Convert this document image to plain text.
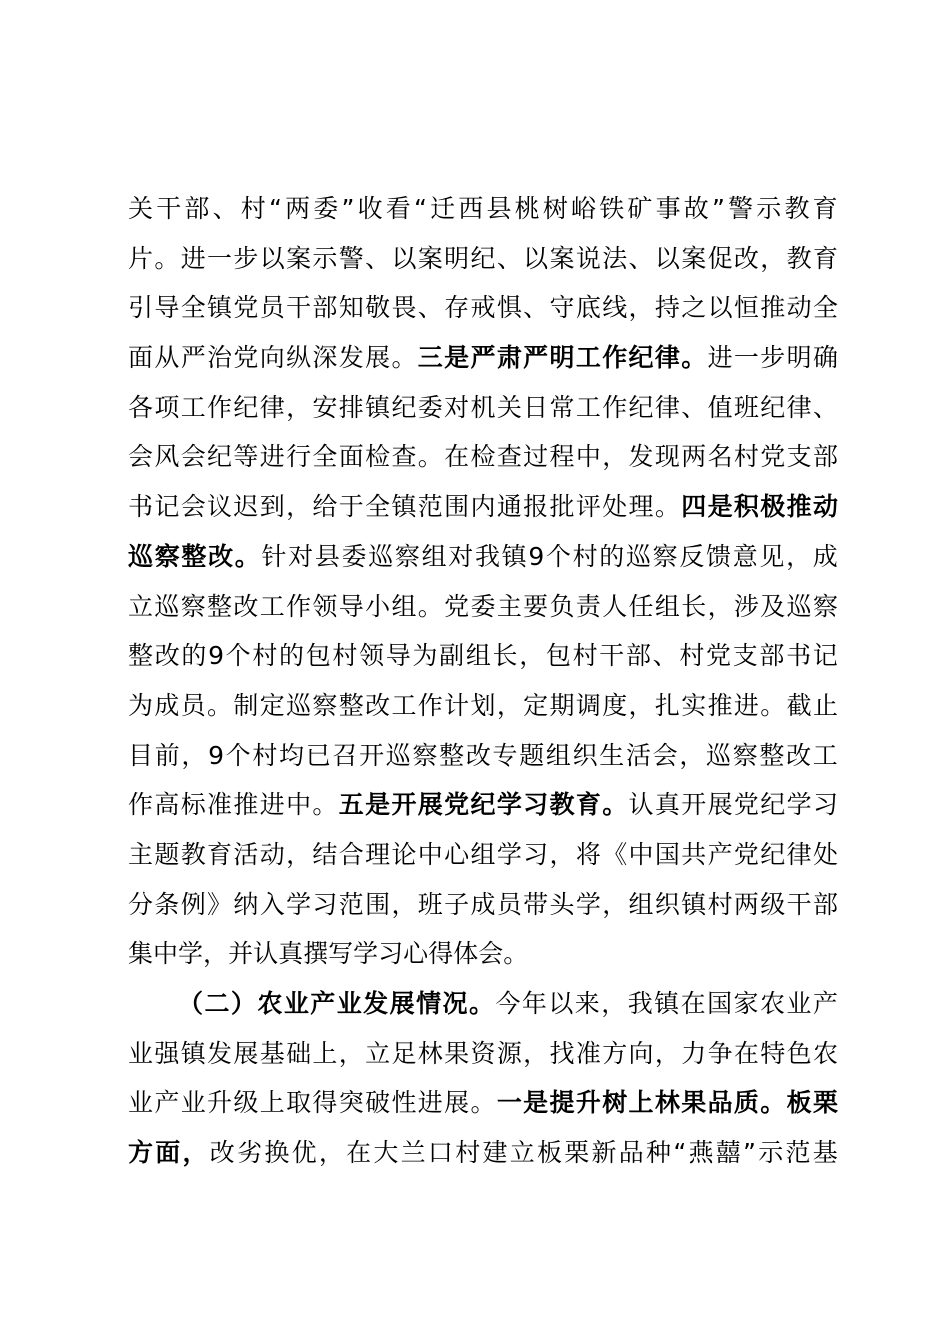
关 干 部 、 村 “ 两 委 ” 收 看 “ 迁 西 县 桃 树 峪 铁 矿 事 故 ” 警 示 教 育
片 。 进 一 步 以 案 示 警 、 以 案 明 纪 、 以 案 说 法 、 以 案 促 改 ， 教 育
引 导 全 镇 党 员 干 部 知 敬 畏 、 存 戒 惧 、 守 底 线 ， 持 之 以 恒 推 动 全
面 从 严 治 党 向 纵 深 发 展 。 三 是 严 肃 严 明 工 作 纪 律 。 进 一 步 明 确
各 项 工 作 纪 律 ， 安 排 镇 纪 委 对 机 关 日 常 工 作 纪 律 、 值 班 纪 律 、
会 风 会 纪 等 进 行 全 面 检 查 。 在 检 查 过 程 中 ， 发 现 两 名 村 党 支 部
书 记 会 议 迟 到 ， 给 于 全 镇 范 围 内 通 报 批 评 处 理 。 四 是 积 极 推 动
巡 察 整 改 。 针 对 县 委 巡 察 组 对 我 镇 9 个 村 的 巡 察 反 馈 意 见 ， 成
立 巡 察 整 改 工 作 领 导 小 组 。 党 委 主 要 负 责 人 任 组 长 ， 涉 及 巡 察
整 改 的 9 个 村 的 包 村 领 导 为 副 组 长 ， 包 村 干 部 、 村 党 支 部 书 记
为 成 员 。 制 定 巡 察 整 改 工 作 计 划 ， 定 期 调 度 ， 扎 实 推 进 。 截 止
目 前 ， 9 个 村 均 已 召 开 巡 察 整 改 专 题 组 织 生 活 会 ， 巡 察 整 改 工
作 高 标 准 推 进 中 。 五 是 开 展 党 纪 学 习 教 育 。 认 真 开 展 党 纪 学 习
主 题 教 育 活 动 ， 结 合 理 论 中 心 组 学 习 ， 将 《 中 国 共 产 党 纪 律 处
分 条 例 》 纳 入 学 习 范 围 ， 班 子 成 员 带 头 学 ， 组 织 镇 村 两 级 干 部
集 中 学 ， 并 认 真 撰 写 学 习 心 得 体 会 。
（ 二 ） 农 业 产 业 发 展 情 况 。 今 年 以 来 ， 我 镇 在 国 家 农 业 产
业 强 镇 发 展 基 础 上 ， 立 足 林 果 资 源 ， 找 准 方 向 ， 力 争 在 特 色 农
业 产 业 升 级 上 取 得 突 破 性 进 展 。 一 是 提 升 树 上 林 果 品 质 。 板 栗
方 面 ， 改 劣 换 优 ， 在 大 兰 口 村 建 立 板 栗 新 品 种 “ 燕 囍 ” 示 范 基
